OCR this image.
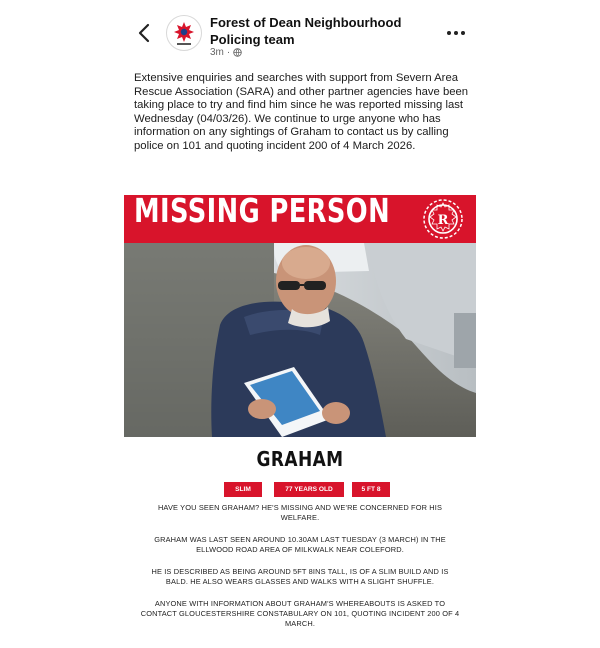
Forest of Dean Neighbourhood Policing team
3m ·
Extensive enquiries and searches with support from Severn Area Rescue Association (SARA) and other partner agencies have been taking place to try and find him since he was reported missing last Wednesday (04/03/26). We continue to urge anyone who has information on any sightings of Graham to contact us by calling police on 101 and quoting incident 200 of 4 March 2026.
MISSING PERSON	R
GRAHAM
SLIM	77 YEARS OLD	5 FT 8
HAVE YOU SEEN GRAHAM? HE'S MISSING AND WE'RE CONCERNED FOR HIS
WELFARE.
GRAHAM WAS LAST SEEN AROUND 10.30AM LAST TUESDAY (3 MARCH) IN THE
ELLWOOD ROAD AREA OF MILKWALK NEAR COLEFORD.
HE IS DESCRIBED AS BEING AROUND 5FT 8INS TALL, IS OF A SLIM BUILD AND IS
BALD. HE ALSO WEARS GLASSES AND WALKS WITH A SLIGHT SHUFFLE.
ANYONE WITH INFORMATION ABOUT GRAHAM'S WHEREABOUTS IS ASKED TO
CONTACT GLOUCESTERSHIRE CONSTABULARY ON 101, QUOTING INCIDENT 200 OF 4
MARCH.
